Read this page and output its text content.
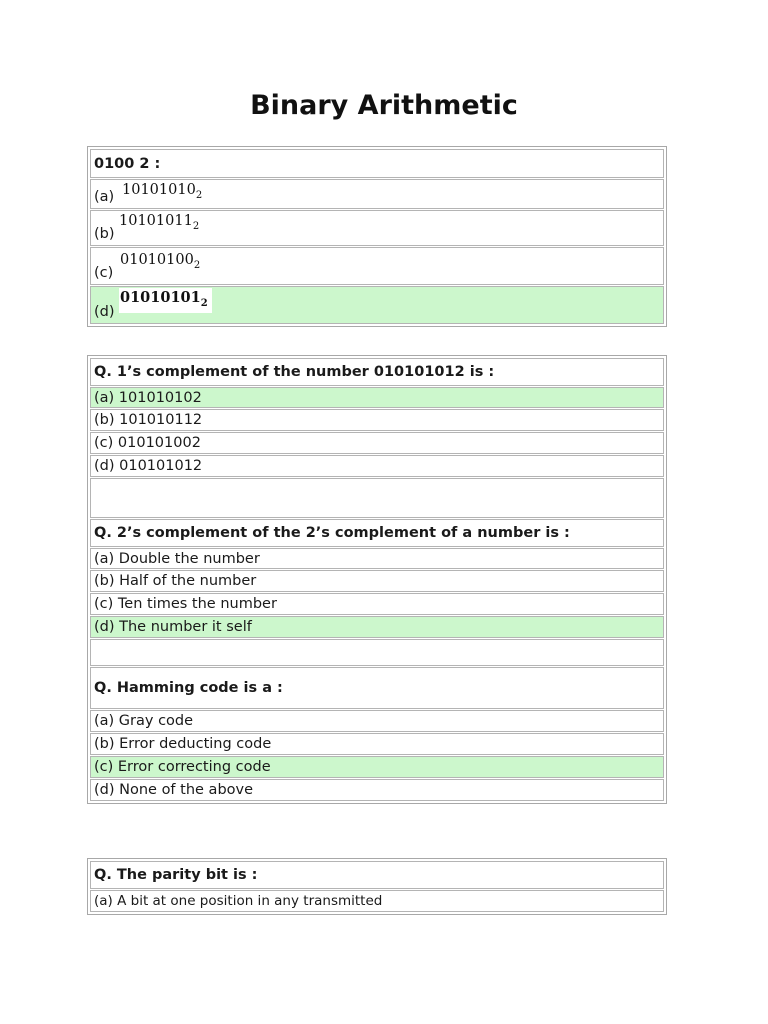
Binary Arithmetic
0100 2 :
(a) $10101010_2$
(b)
$10101011_2$
(c)
$01010100_2$
(d)
$01010101_2$
Q. 1’s complement of the number 010101012 is :
(a) 101010102
(b) 101010112
(c) 010101002
(d) 010101012
Q. 2’s complement of the 2’s complement of a number is :
(a) Double the number
(b) Half of the number
(c) Ten times the number
(d) The number it self
Q. Hamming code is a :
(a) Gray code
(b) Error deducting code
(c) Error correcting code
(d) None of the above
Q. The parity bit is :
(a) A bit at one position in any transmitted
